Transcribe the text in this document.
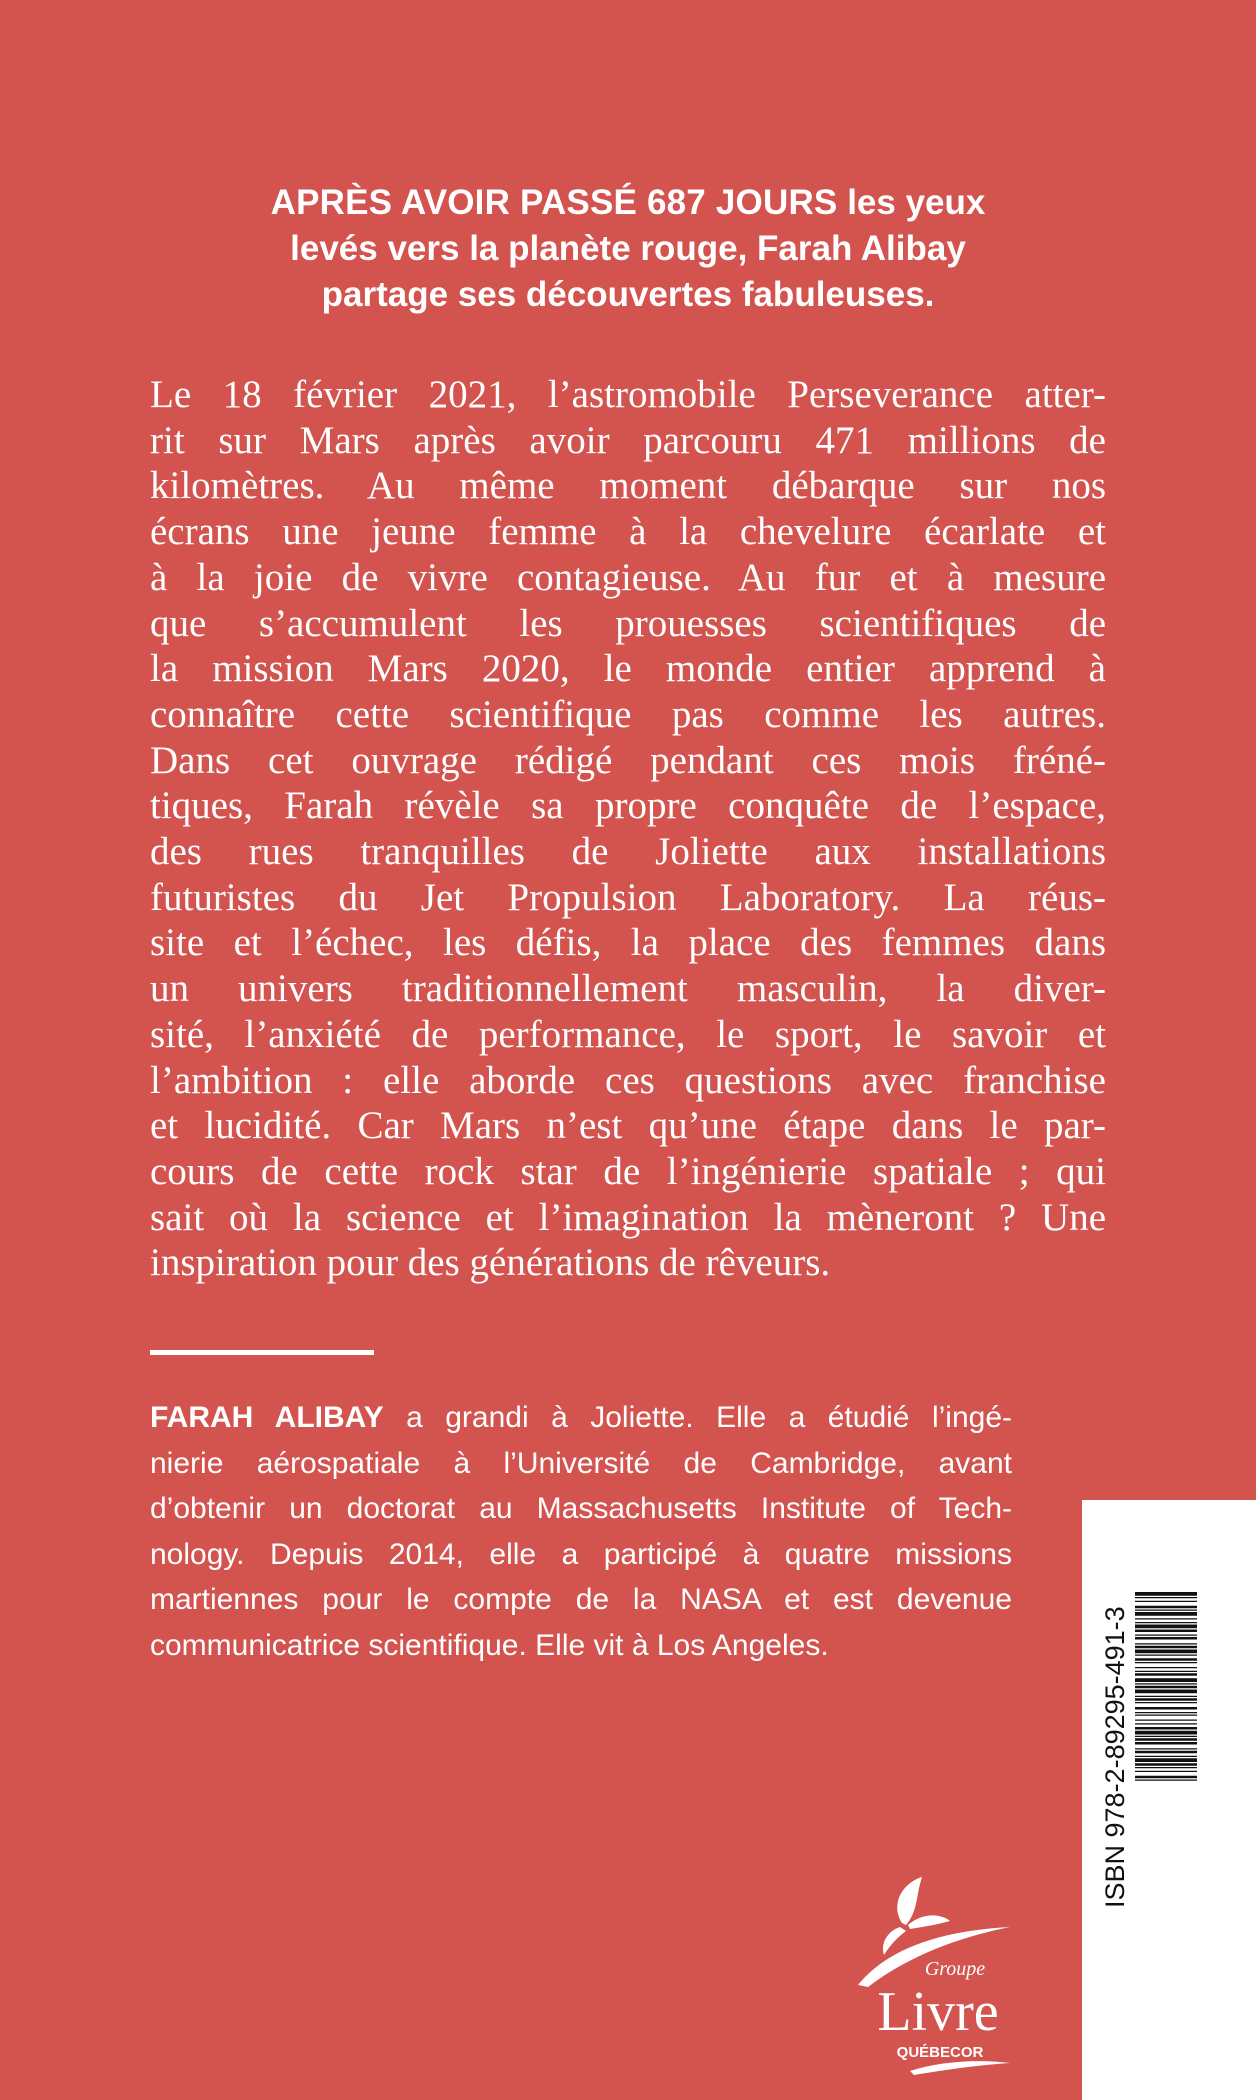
APRÈS AVOIR PASSÉ 687 JOURS les yeux
levés vers la planète rouge, Farah Alibay
partage ses découvertes fabuleuses.
Le 18 février 2021, l’astromobile Perseverance atter-
rit sur Mars après avoir parcouru 471 millions de
kilomètres. Au même moment débarque sur nos
écrans une jeune femme à la chevelure écarlate et
à la joie de vivre contagieuse. Au fur et à mesure
que s’accumulent les prouesses scientifiques de
la mission Mars 2020, le monde entier apprend à
connaître cette scientifique pas comme les autres.
Dans cet ouvrage rédigé pendant ces mois fréné-
tiques, Farah révèle sa propre conquête de l’espace,
des rues tranquilles de Joliette aux installations
futuristes du Jet Propulsion Laboratory. La réus-
site et l’échec, les défis, la place des femmes dans
un univers traditionnellement masculin, la diver-
sité, l’anxiété de performance, le sport, le savoir et
l’ambition : elle aborde ces questions avec franchise
et lucidité. Car Mars n’est qu’une étape dans le par-
cours de cette rock star de l’ingénierie spatiale ; qui
sait où la science et l’imagination la mèneront ? Une
inspiration pour des générations de rêveurs.
FARAH ALIBAY a grandi à Joliette. Elle a étudié l’ingé-
nierie aérospatiale à l’Université de Cambridge, avant
d’obtenir un doctorat au Massachusetts Institute of Tech-
nology. Depuis 2014, elle a participé à quatre missions
martiennes pour le compte de la NASA et est devenue
communicatrice scientifique. Elle vit à Los Angeles.	ISBN 978-2-89295-491-3
Groupe
Livre
QUÉBECOR
